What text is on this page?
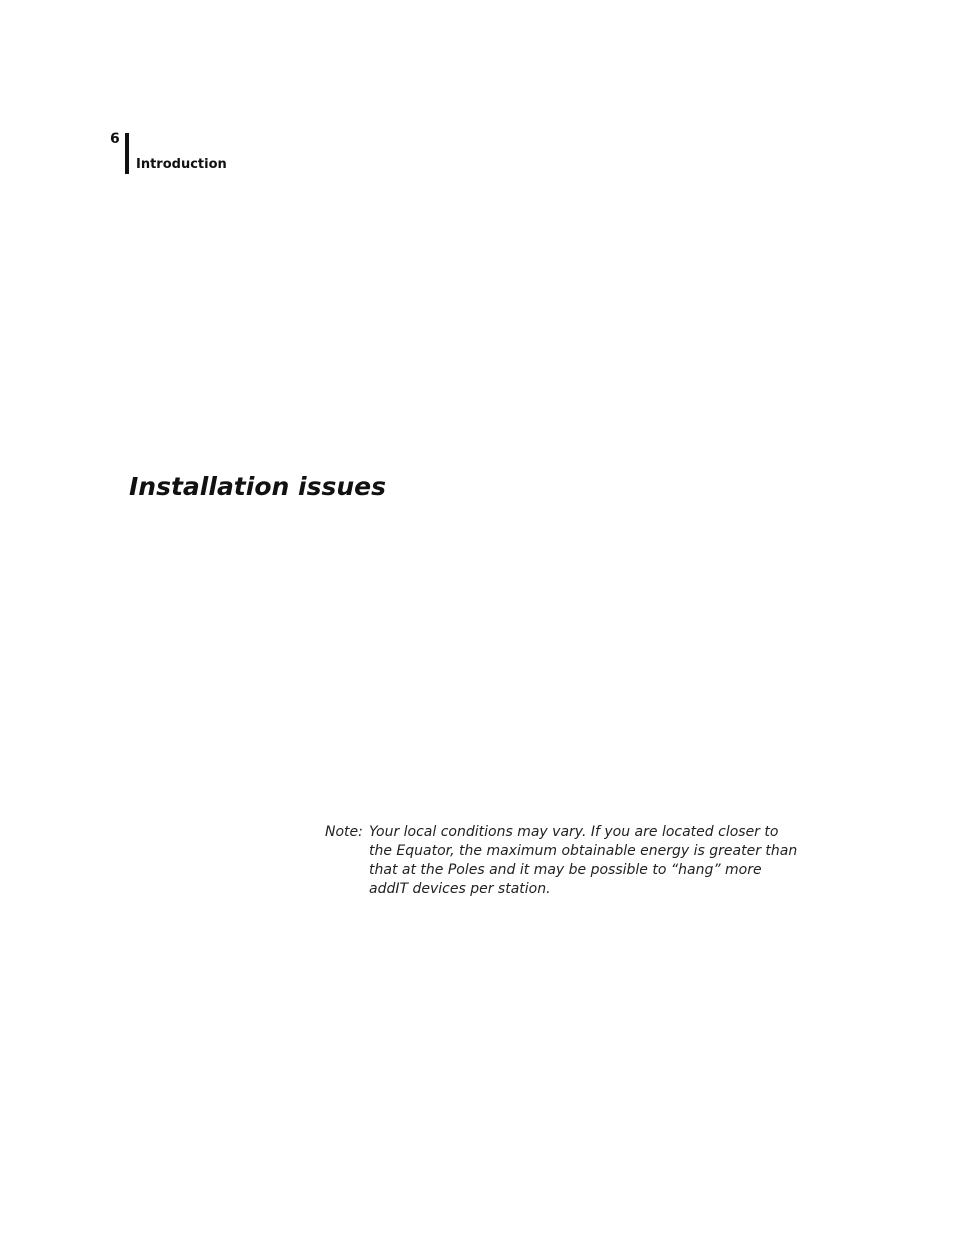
6
Introduction
Installation issues
Note: Your local conditions may vary. If you are located closer to
the Equator, the maximum obtainable energy is greater than
that at the Poles and it may be possible to “hang” more
addIT devices per station.
